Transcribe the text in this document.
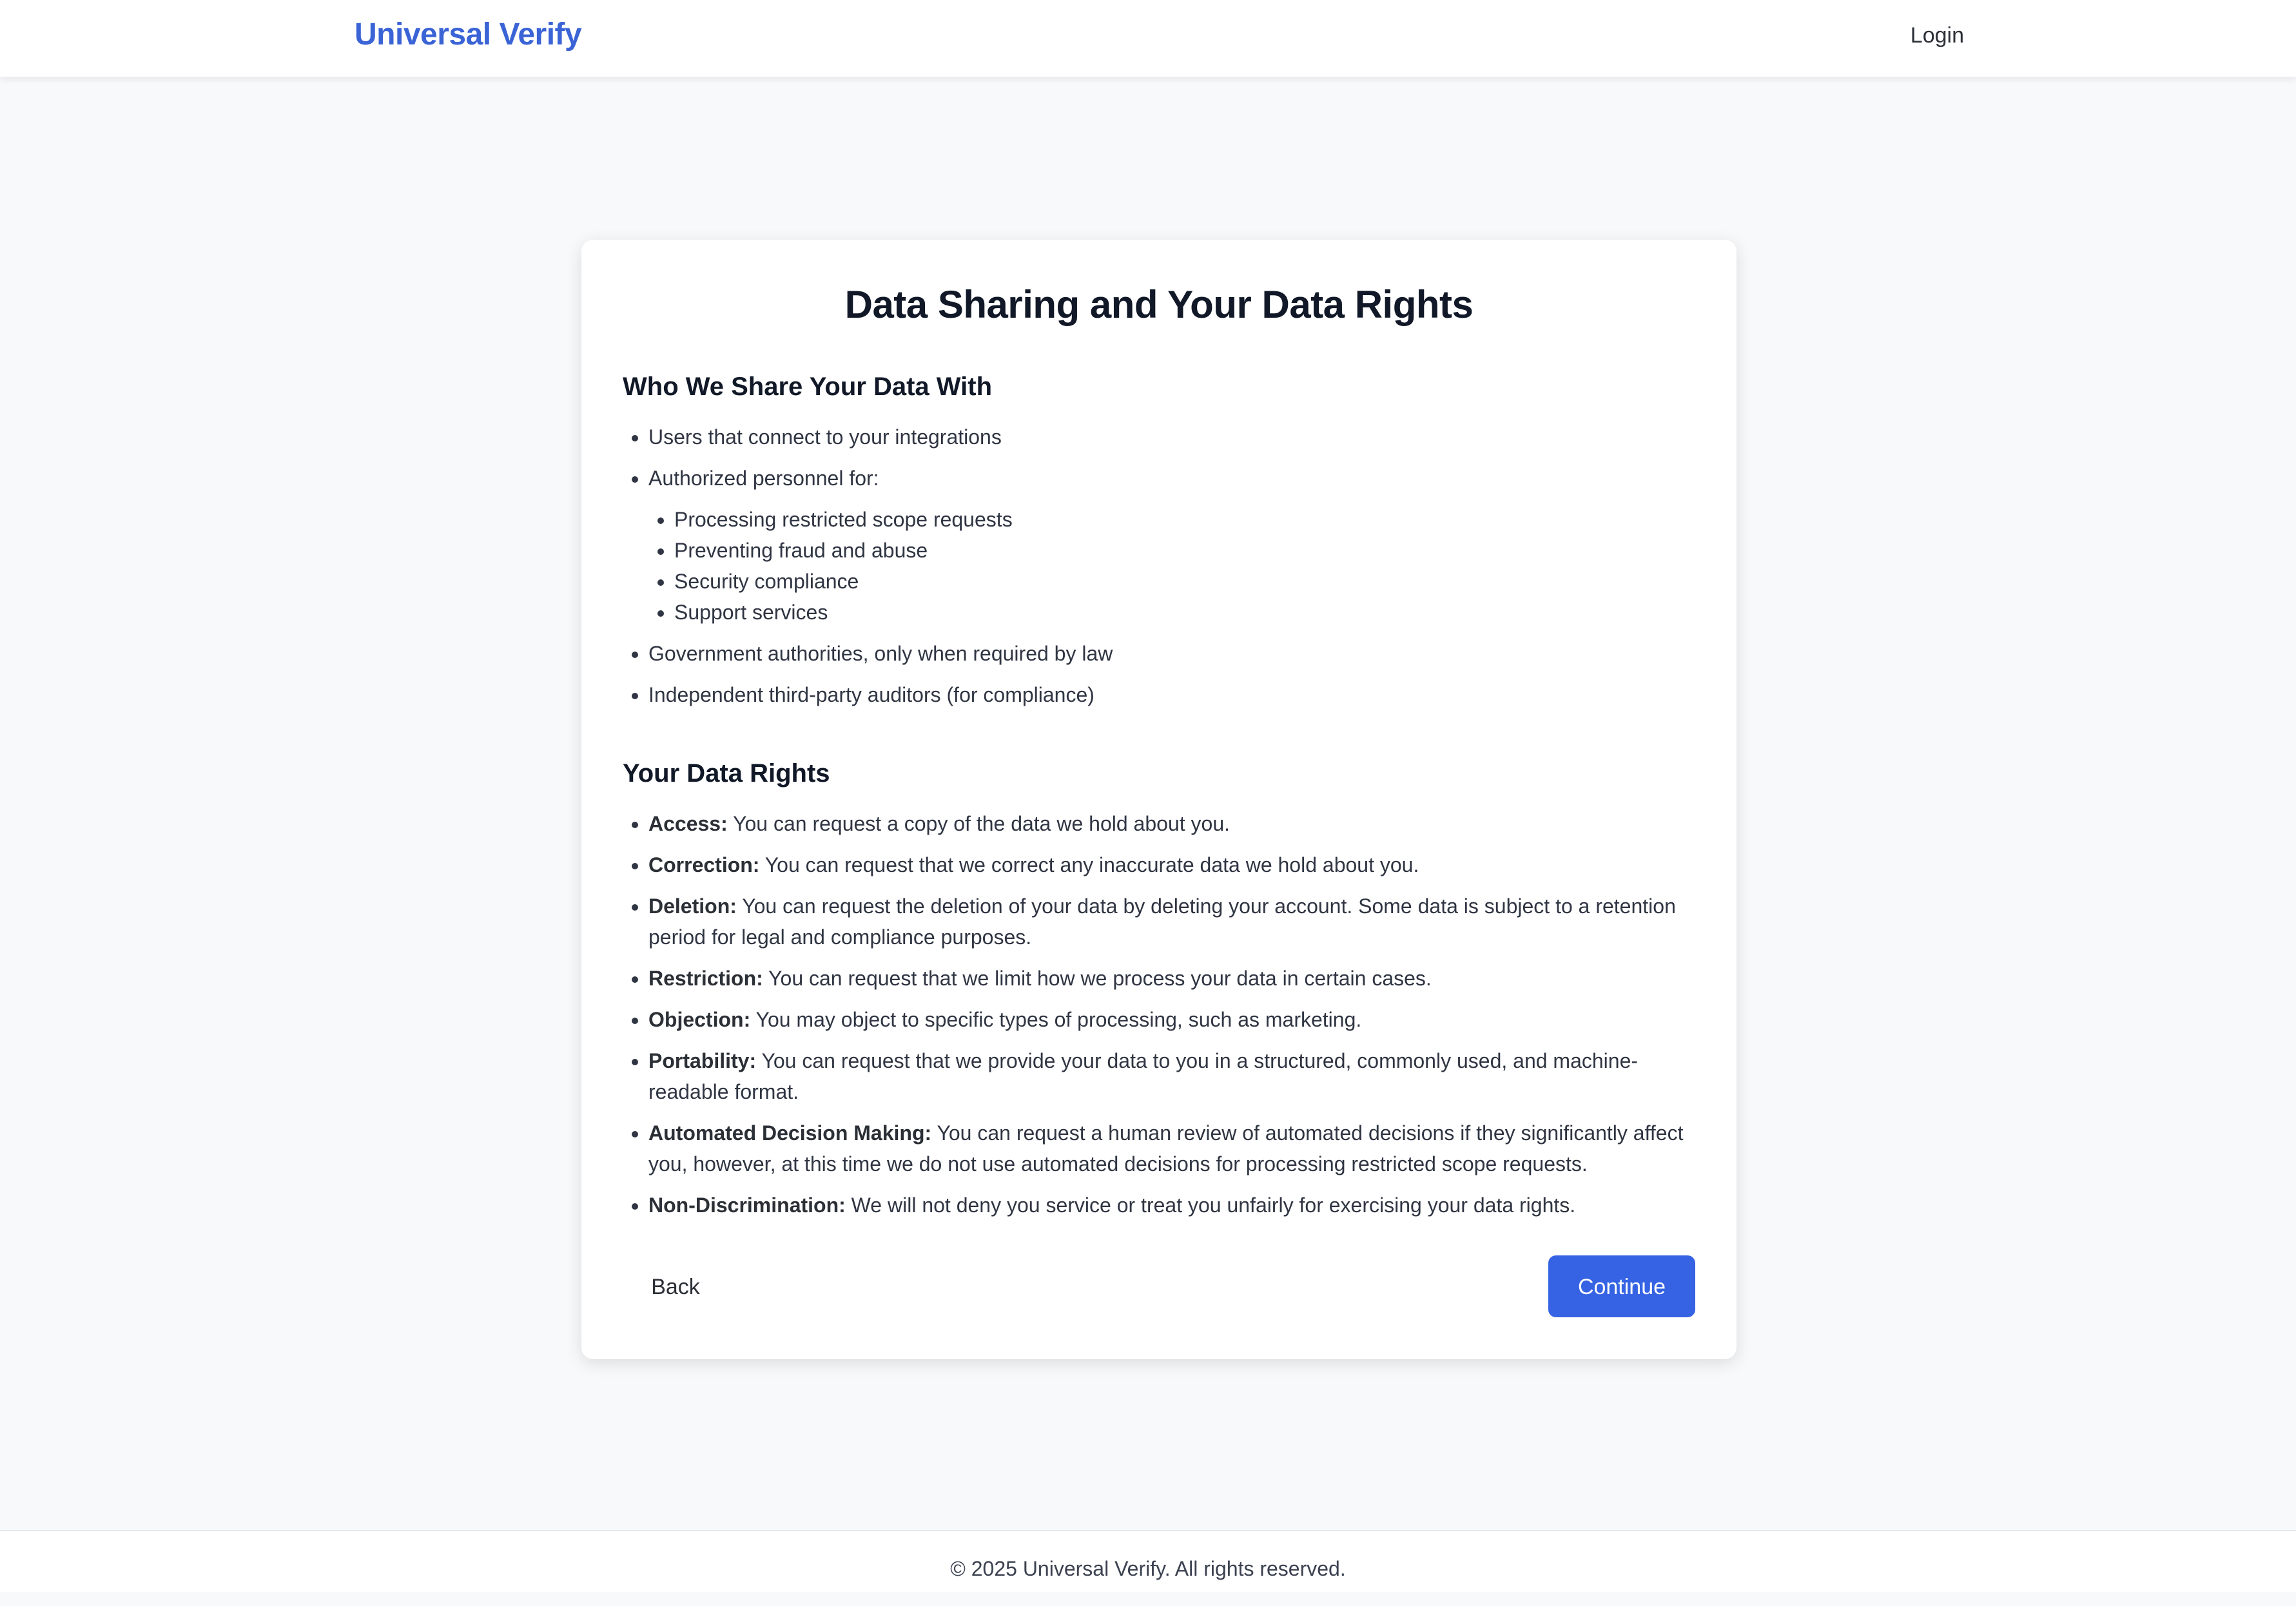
Universal Verify	Login
Data Sharing and Your Data Rights
Who We Share Your Data With
• Users that connect to your integrations
• Authorized personnel for:
• Processing restricted scope requests
• Preventing fraud and abuse
• Security compliance
• Support services
• Government authorities, only when required by law
• Independent third-party auditors (for compliance)
Your Data Rights
• Access: You can request a copy of the data we hold about you.
• Correction: You can request that we correct any inaccurate data we hold about you.
• Deletion: You can request the deletion of your data by deleting your account. Some data is subject to a retention period for legal and compliance purposes.
• Restriction: You can request that we limit how we process your data in certain cases.
• Objection: You may object to specific types of processing, such as marketing.
• Portability: You can request that we provide your data to you in a structured, commonly used, and machine-readable format.
• Automated Decision Making: You can request a human review of automated decisions if they significantly affect you, however, at this time we do not use automated decisions for processing restricted scope requests.
• Non-Discrimination: We will not deny you service or treat you unfairly for exercising your data rights.
Back	Continue
© 2025 Universal Verify. All rights reserved.
